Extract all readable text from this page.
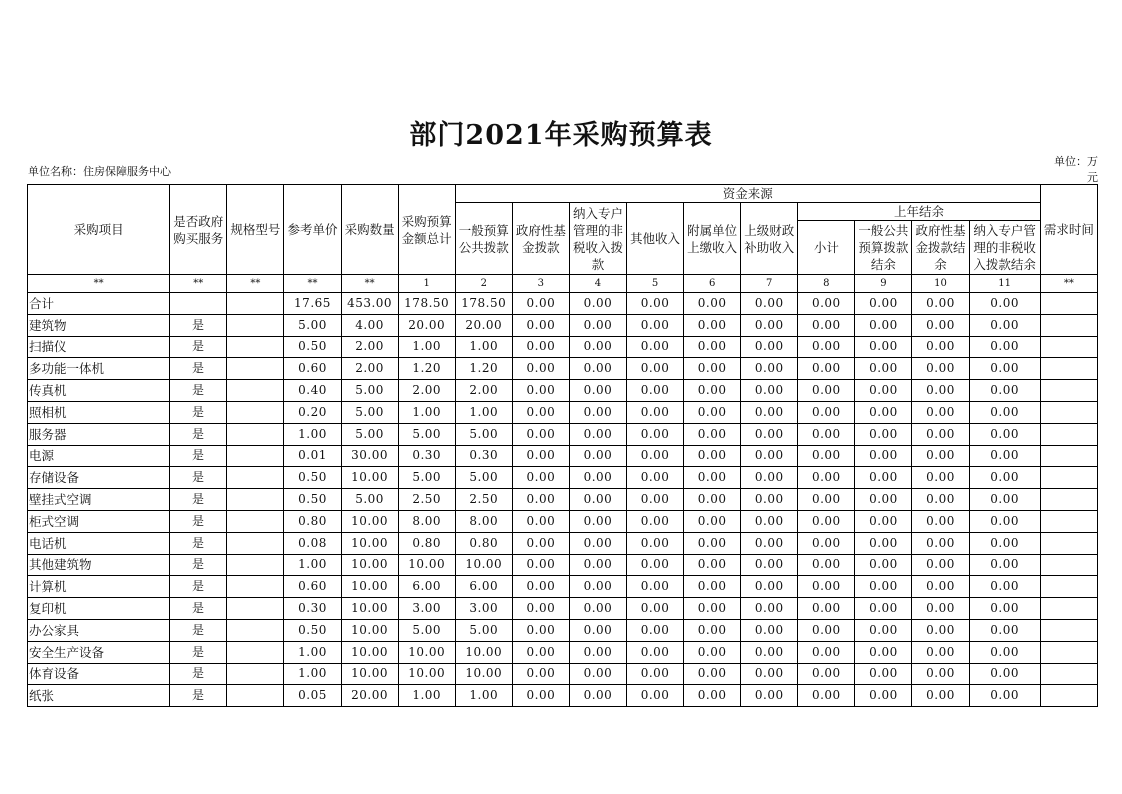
部门2021年采购预算表
单位名称：住房保障服务中心
单位：万元
采购项目	是否政府购买服务	规格型号	参考单价	采购数量	采购预算金额总计	资金来源										需求时间
						一般预算公共拨款	政府性基金拨款	纳入专户管理的非税收入拨款	其他收入	附属单位上缴收入	上级财政补助收入	上年结余				
												小计	一般公共预算拨款结余	政府性基金拨款结余	纳入专户管理的非税收入拨款结余	
**	**	**	**	**	1	2	3	4	5	6	7	8	9	10	11	**
合计			17.65	453.00	178.50	178.50	0.00	0.00	0.00	0.00	0.00	0.00	0.00	0.00	0.00	
建筑物	是		5.00	4.00	20.00	20.00	0.00	0.00	0.00	0.00	0.00	0.00	0.00	0.00	0.00	
扫描仪	是		0.50	2.00	1.00	1.00	0.00	0.00	0.00	0.00	0.00	0.00	0.00	0.00	0.00	
多功能一体机	是		0.60	2.00	1.20	1.20	0.00	0.00	0.00	0.00	0.00	0.00	0.00	0.00	0.00	
传真机	是		0.40	5.00	2.00	2.00	0.00	0.00	0.00	0.00	0.00	0.00	0.00	0.00	0.00	
照相机	是		0.20	5.00	1.00	1.00	0.00	0.00	0.00	0.00	0.00	0.00	0.00	0.00	0.00	
服务器	是		1.00	5.00	5.00	5.00	0.00	0.00	0.00	0.00	0.00	0.00	0.00	0.00	0.00	
电源	是		0.01	30.00	0.30	0.30	0.00	0.00	0.00	0.00	0.00	0.00	0.00	0.00	0.00	
存储设备	是		0.50	10.00	5.00	5.00	0.00	0.00	0.00	0.00	0.00	0.00	0.00	0.00	0.00	
壁挂式空调	是		0.50	5.00	2.50	2.50	0.00	0.00	0.00	0.00	0.00	0.00	0.00	0.00	0.00	
柜式空调	是		0.80	10.00	8.00	8.00	0.00	0.00	0.00	0.00	0.00	0.00	0.00	0.00	0.00	
电话机	是		0.08	10.00	0.80	0.80	0.00	0.00	0.00	0.00	0.00	0.00	0.00	0.00	0.00	
其他建筑物	是		1.00	10.00	10.00	10.00	0.00	0.00	0.00	0.00	0.00	0.00	0.00	0.00	0.00	
计算机	是		0.60	10.00	6.00	6.00	0.00	0.00	0.00	0.00	0.00	0.00	0.00	0.00	0.00	
复印机	是		0.30	10.00	3.00	3.00	0.00	0.00	0.00	0.00	0.00	0.00	0.00	0.00	0.00	
办公家具	是		0.50	10.00	5.00	5.00	0.00	0.00	0.00	0.00	0.00	0.00	0.00	0.00	0.00	
安全生产设备	是		1.00	10.00	10.00	10.00	0.00	0.00	0.00	0.00	0.00	0.00	0.00	0.00	0.00	
体育设备	是		1.00	10.00	10.00	10.00	0.00	0.00	0.00	0.00	0.00	0.00	0.00	0.00	0.00	
纸张	是		0.05	20.00	1.00	1.00	0.00	0.00	0.00	0.00	0.00	0.00	0.00	0.00	0.00	
